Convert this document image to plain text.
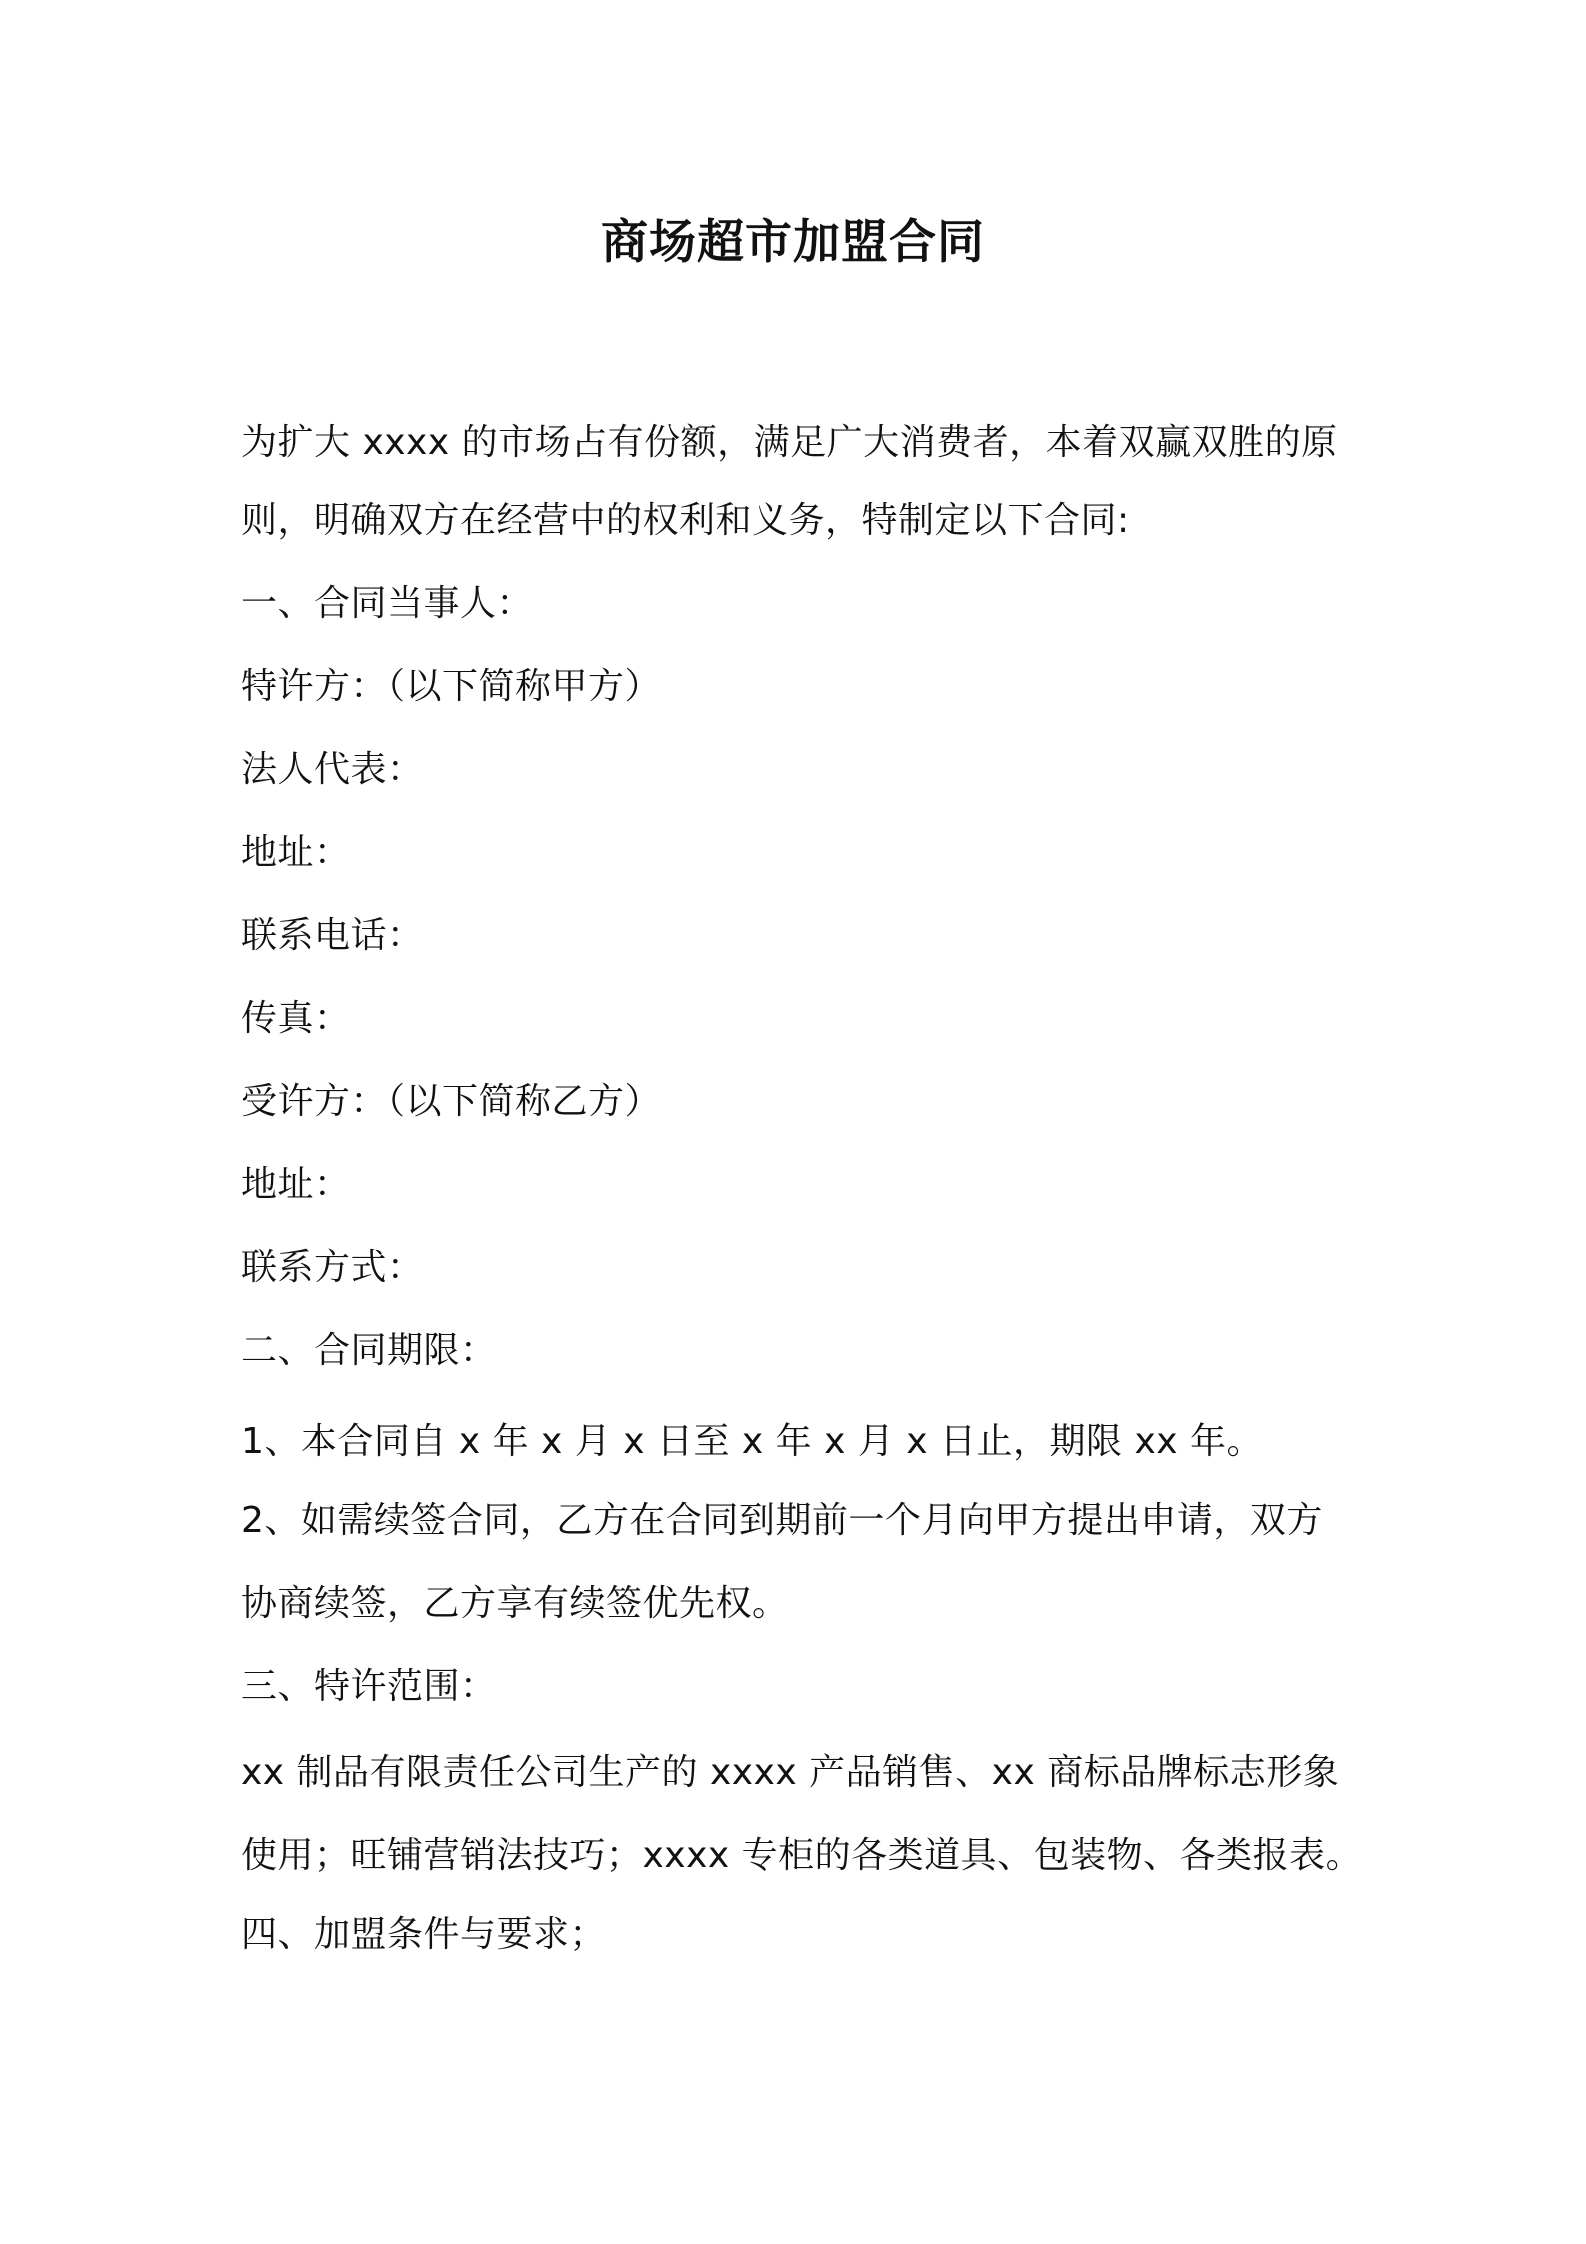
商场超市加盟合同
为扩大 xxxx 的市场占有份额，满足广大消费者，本着双赢双胜的原
则，明确双方在经营中的权利和义务，特制定以下合同:
一、合同当事人：
特许方：（以下简称甲方）
法人代表：
地址：
联系电话：
传真：
受许方：（以下简称乙方）
地址：
联系方式：
二、合同期限：
1、本合同自 x 年 x 月 x 日至 x 年 x 月 x 日止，期限 xx 年。
2、如需续签合同，乙方在合同到期前一个月向甲方提出申请，双方
协商续签，乙方享有续签优先权。
三、特许范围：
xx 制品有限责任公司生产的 xxxx 产品销售、xx 商标品牌标志形象
使用；旺铺营销法技巧；xxxx 专柜的各类道具、包装物、各类报表。
四、加盟条件与要求；
